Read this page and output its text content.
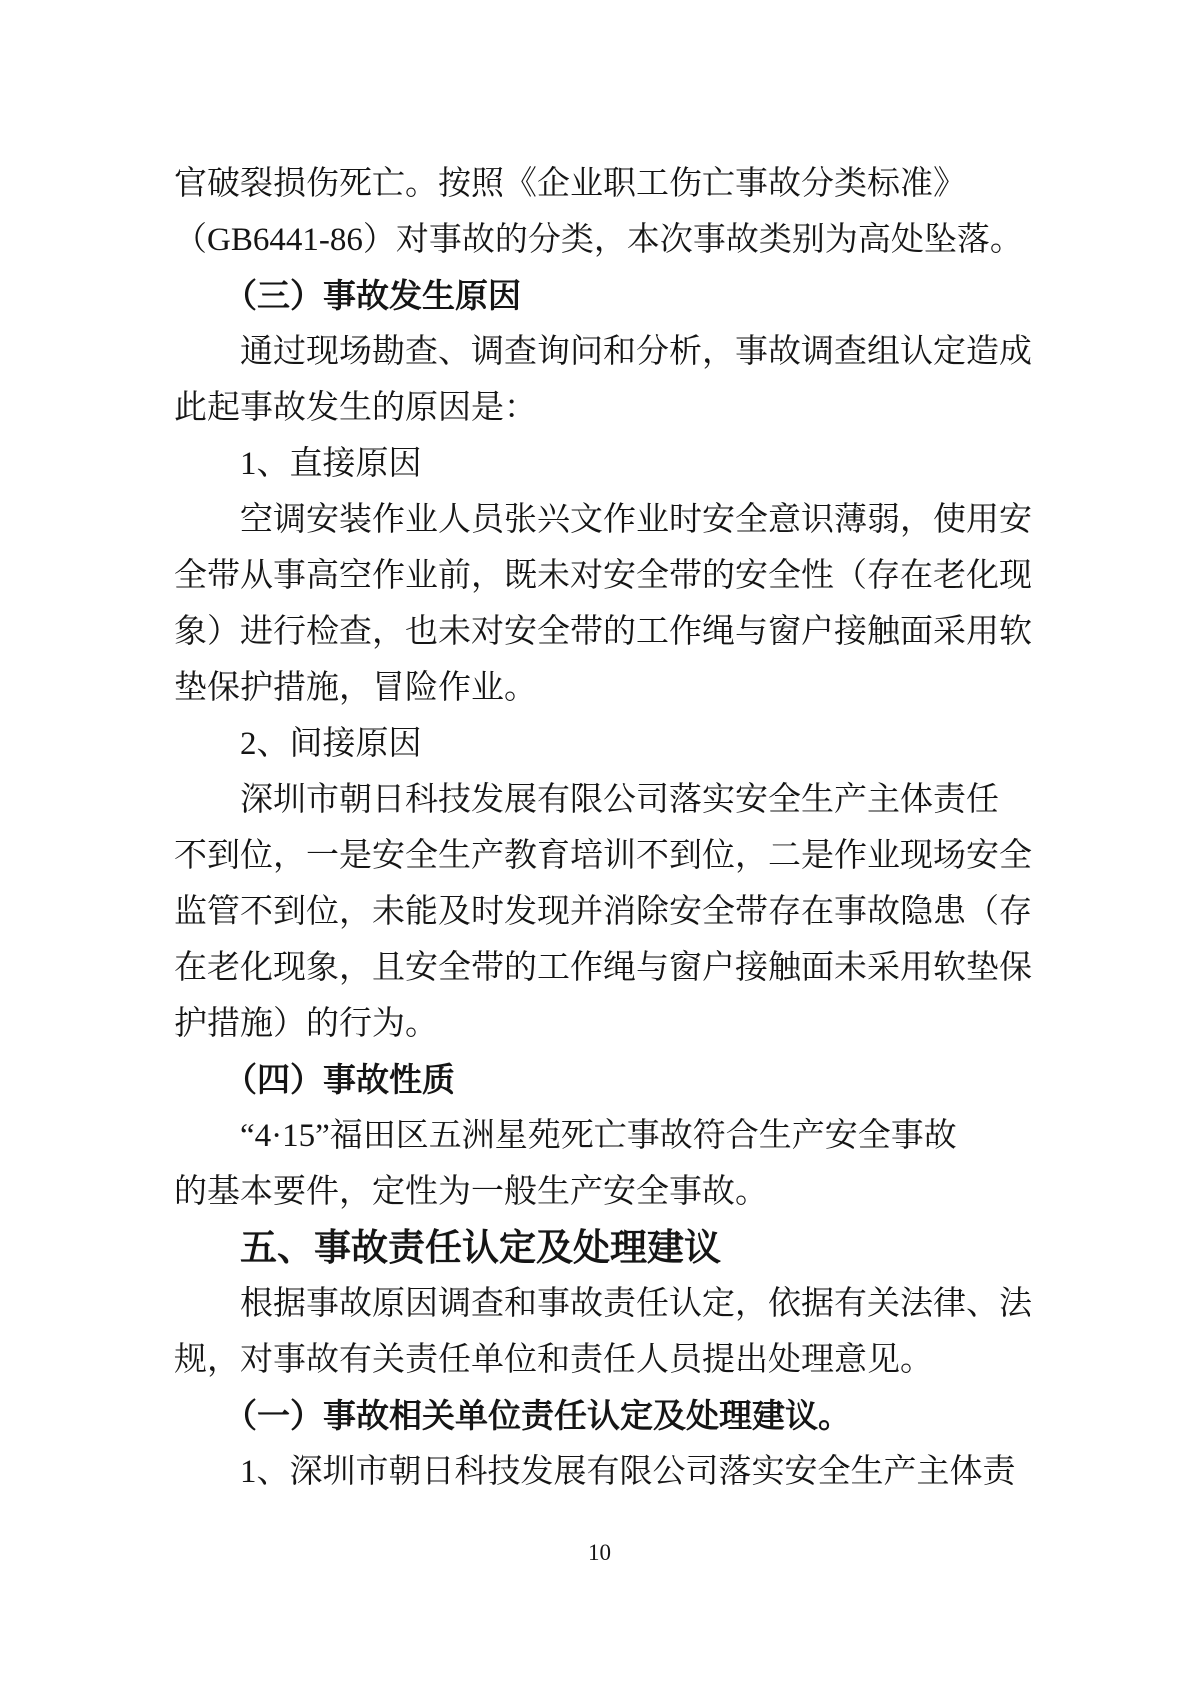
官破裂损伤死亡。按照《企业职工伤亡事故分类标准》
（GB6441-86）对事故的分类，本次事故类别为高处坠落。
（三）事故发生原因
通过现场勘查、调查询问和分析，事故调查组认定造成
此起事故发生的原因是：
1、直接原因
空调安装作业人员张兴文作业时安全意识薄弱，使用安
全带从事高空作业前，既未对安全带的安全性（存在老化现
象）进行检查，也未对安全带的工作绳与窗户接触面采用软
垫保护措施，冒险作业。
2、间接原因
深圳市朝日科技发展有限公司落实安全生产主体责任
不到位，一是安全生产教育培训不到位，二是作业现场安全
监管不到位，未能及时发现并消除安全带存在事故隐患（存
在老化现象，且安全带的工作绳与窗户接触面未采用软垫保
护措施）的行为。
（四）事故性质
“4·15”福田区五洲星苑死亡事故符合生产安全事故
的基本要件，定性为一般生产安全事故。
五、事故责任认定及处理建议
根据事故原因调查和事故责任认定，依据有关法律、法
规，对事故有关责任单位和责任人员提出处理意见。
（一）事故相关单位责任认定及处理建议。
1、深圳市朝日科技发展有限公司落实安全生产主体责
10
